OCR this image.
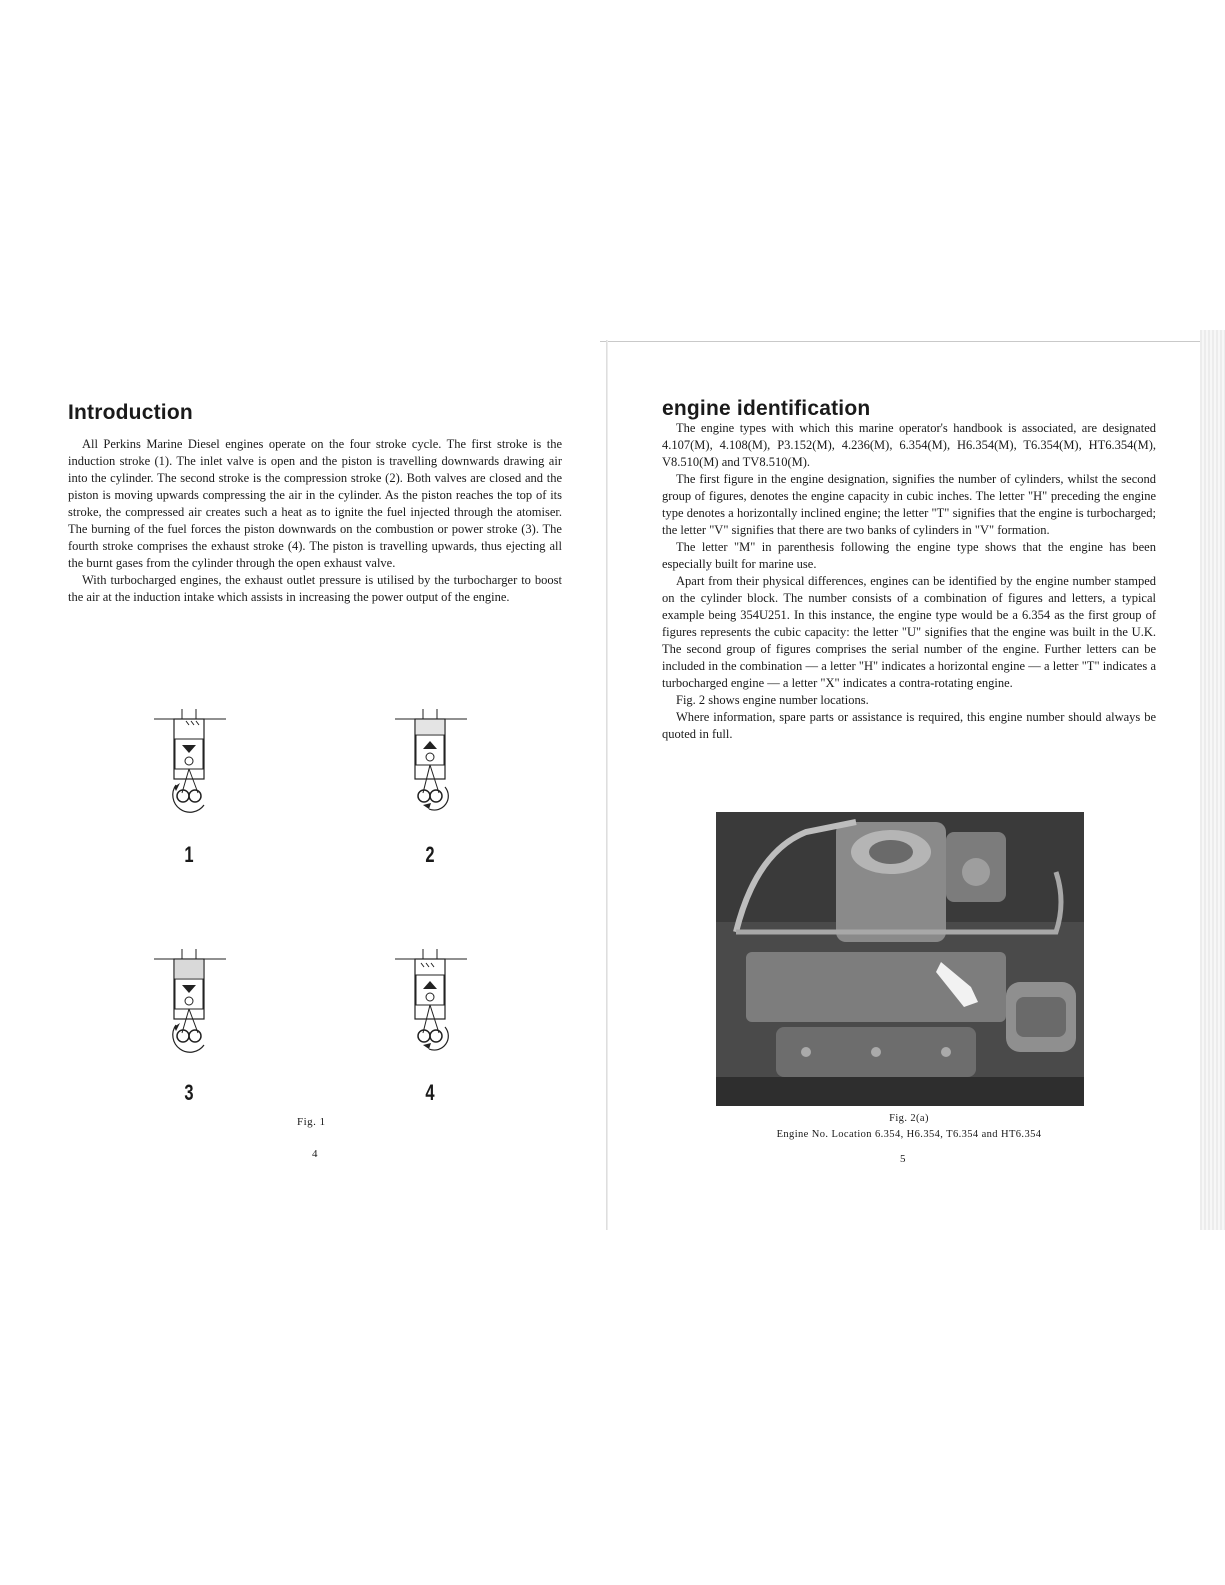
Introduction

All Perkins Marine Diesel engines operate on the four stroke cycle. The first stroke is the induction stroke (1). The inlet valve is open and the piston is travelling downwards drawing air into the cylinder. The second stroke is the compression stroke (2). Both valves are closed and the piston is moving upwards compressing the air in the cylinder. As the piston reaches the top of its stroke, the compressed air creates such a heat as to ignite the fuel injected through the atomiser. The burning of the fuel forces the piston downwards on the combustion or power stroke (3). The fourth stroke comprises the exhaust stroke (4). The piston is travelling upwards, thus ejecting all the burnt gases from the cylinder through the open exhaust valve.

With turbocharged engines, the exhaust outlet pressure is utilised by the turbocharger to boost the air at the induction intake which assists in increasing the power output of the engine.

1	2
3	4
Fig. 1
4
engine identification

The engine types with which this marine operator's handbook is associated, are designated 4.107(M), 4.108(M), P3.152(M), 4.236(M), 6.354(M), H6.354(M), T6.354(M), HT6.354(M), V8.510(M) and TV8.510(M).

The first figure in the engine designation, signifies the number of cylinders, whilst the second group of figures, denotes the engine capacity in cubic inches. The letter "H" preceding the engine type denotes a horizontally inclined engine; the letter "T" signifies that the engine is turbocharged; the letter "V" signifies that there are two banks of cylinders in "V" formation.

The letter "M" in parenthesis following the engine type shows that the engine has been especially built for marine use.

Apart from their physical differences, engines can be identified by the engine number stamped on the cylinder block. The number consists of a combination of figures and letters, a typical example being 354U251. In this instance, the engine type would be a 6.354 as the first group of figures represents the cubic capacity: the letter "U" signifies that the engine was built in the U.K. The second group of figures comprises the serial number of the engine. Further letters can be included in the combination — a letter "H" indicates a horizontal engine — a letter "T" indicates a turbocharged engine — a letter "X" indicates a contra-rotating engine.

Fig. 2 shows engine number locations.

Where information, spare parts or assistance is required, this engine number should always be quoted in full.

Fig. 2(a)
Engine No. Location 6.354, H6.354, T6.354 and HT6.354
5
